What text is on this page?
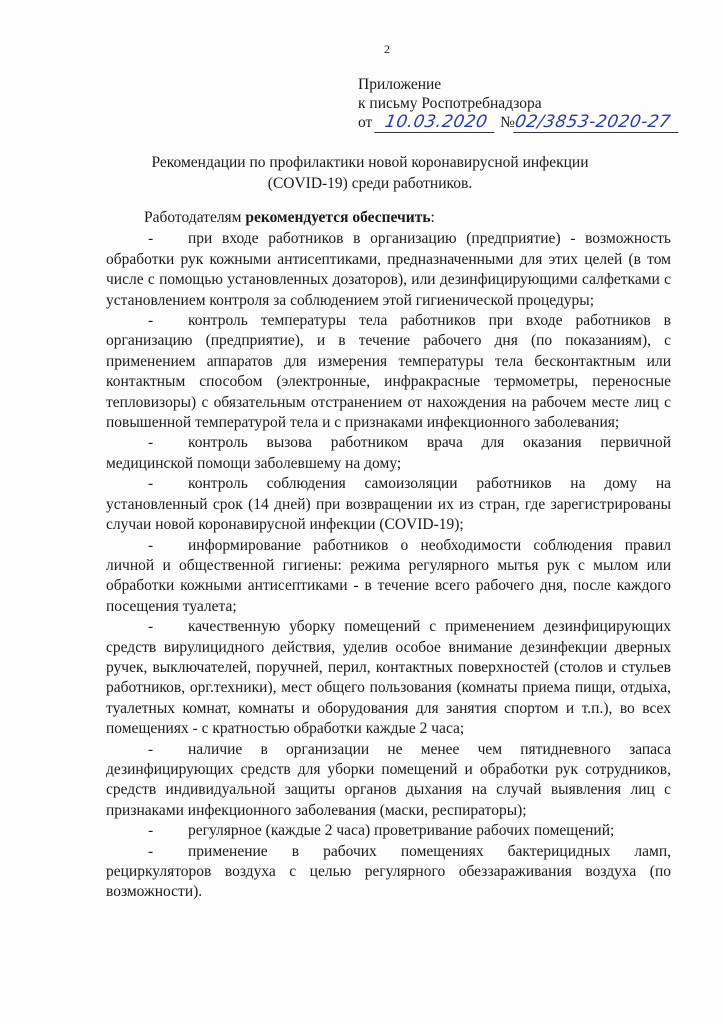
2
Приложение
к письму Роспотребнадзора
от 10.03.2020 №02/3853-2020-27
Рекомендации по профилактики новой коронавирусной инфекции
(COVID-19) среди работников.

Работодателям рекомендуется обеспечить:

- при входе работников в организацию (предприятие) - возможность обработки рук кожными антисептиками, предназначенными для этих целей (в том числе с помощью установленных дозаторов), или дезинфицирующими салфетками с установлением контроля за соблюдением этой гигиенической процедуры;

- контроль температуры тела работников при входе работников в организацию (предприятие), и в течение рабочего дня (по показаниям), с применением аппаратов для измерения температуры тела бесконтактным или контактным способом (электронные, инфракрасные термометры, переносные тепловизоры) с обязательным отстранением от нахождения на рабочем месте лиц с повышенной температурой тела и с признаками инфекционного заболевания;

- контроль вызова работником врача для оказания первичной медицинской помощи заболевшему на дому;

- контроль соблюдения самоизоляции работников на дому на установленный срок (14 дней) при возвращении их из стран, где зарегистрированы случаи новой коронавирусной инфекции (COVID-19);

- информирование работников о необходимости соблюдения правил личной и общественной гигиены: режима регулярного мытья рук с мылом или обработки кожными антисептиками - в течение всего рабочего дня, после каждого посещения туалета;

- качественную уборку помещений с применением дезинфицирующих средств вирулицидного действия, уделив особое внимание дезинфекции дверных ручек, выключателей, поручней, перил, контактных поверхностей (столов и стульев работников, орг.техники), мест общего пользования (комнаты приема пищи, отдыха, туалетных комнат, комнаты и оборудования для занятия спортом и т.п.), во всех помещениях - с кратностью обработки каждые 2 часа;

- наличие в организации не менее чем пятидневного запаса дезинфицирующих средств для уборки помещений и обработки рук сотрудников, средств индивидуальной защиты органов дыхания на случай выявления лиц с признаками инфекционного заболевания (маски, респираторы);

- регулярное (каждые 2 часа) проветривание рабочих помещений;

- применение в рабочих помещениях бактерицидных ламп, рециркуляторов воздуха с целью регулярного обеззараживания воздуха (по возможности).
